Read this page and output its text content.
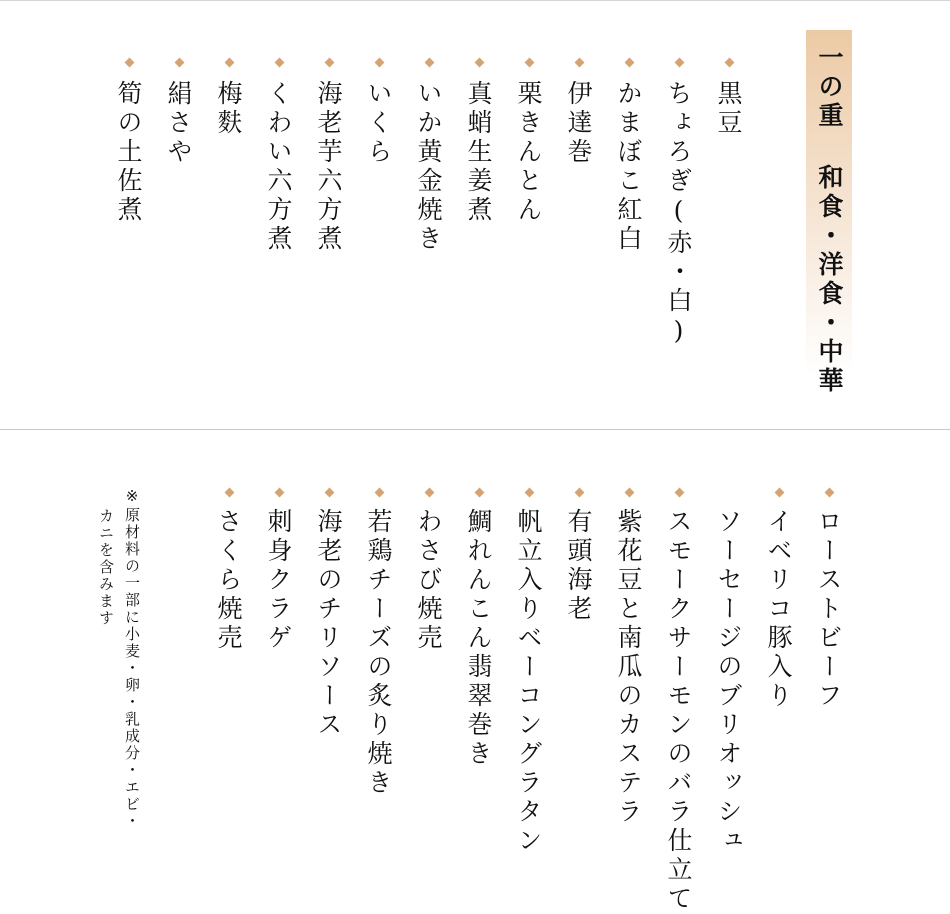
一の重 和食・洋食・中華
黒豆
ちょろぎ(赤・白)
かまぼこ紅白
伊達巻
栗きんとん
真蛸生姜煮
いか黄金焼き
いくら
海老芋六方煮
くわい六方煮
梅麩
絹さや
筍の土佐煮
ローストビーフ
イベリコ豚入り
ソーセージのブリオッシュ
スモークサーモンのバラ仕立て
紫花豆と南瓜のカステラ
有頭海老
帆立入りベーコングラタン
鯛れんこん翡翠巻き
わさび焼売
若鶏チーズの炙り焼き
海老のチリソース
刺身クラゲ
さくら焼売
※原材料の一部に小麦・卵・乳成分・エビ・
カニを含みます
